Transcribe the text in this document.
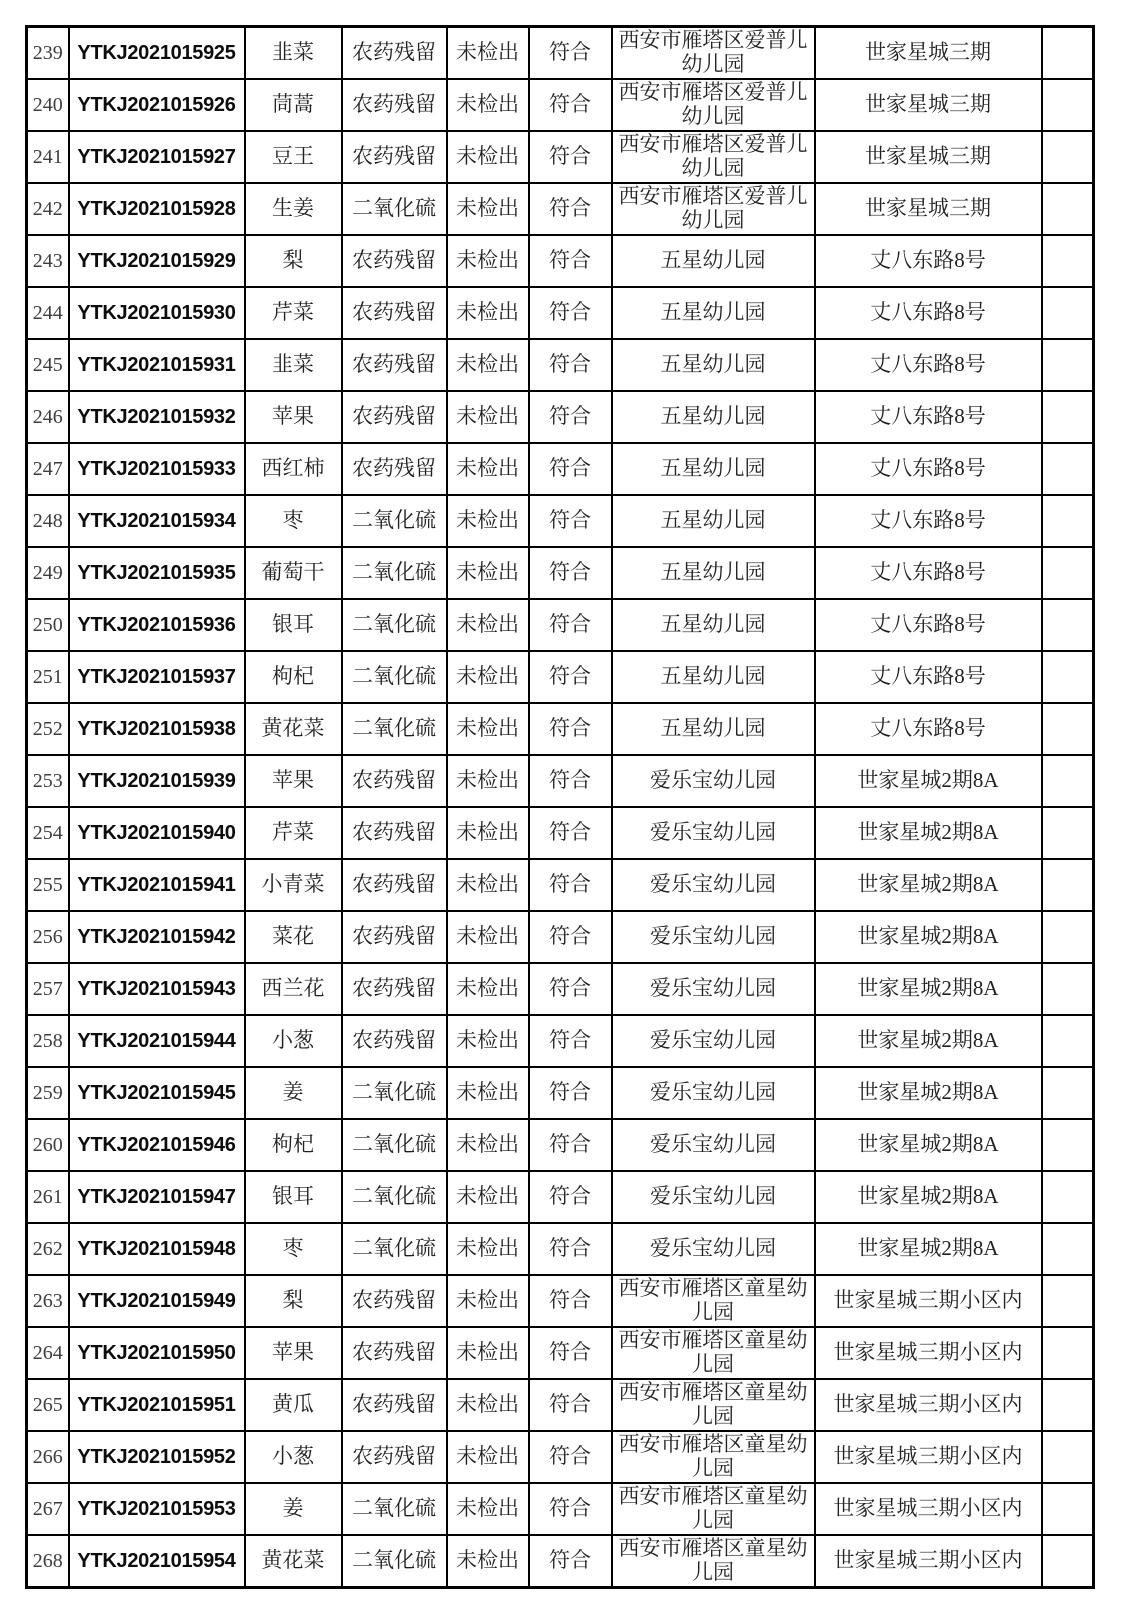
239	YTKJ2021015925	韭菜	农药残留	未检出	符合	西安市雁塔区爱普儿幼儿园	世家星城三期	
240	YTKJ2021015926	茼蒿	农药残留	未检出	符合	西安市雁塔区爱普儿幼儿园	世家星城三期	
241	YTKJ2021015927	豆王	农药残留	未检出	符合	西安市雁塔区爱普儿幼儿园	世家星城三期	
242	YTKJ2021015928	生姜	二氧化硫	未检出	符合	西安市雁塔区爱普儿幼儿园	世家星城三期	
243	YTKJ2021015929	梨	农药残留	未检出	符合	五星幼儿园	丈八东路8号	
244	YTKJ2021015930	芹菜	农药残留	未检出	符合	五星幼儿园	丈八东路8号	
245	YTKJ2021015931	韭菜	农药残留	未检出	符合	五星幼儿园	丈八东路8号	
246	YTKJ2021015932	苹果	农药残留	未检出	符合	五星幼儿园	丈八东路8号	
247	YTKJ2021015933	西红柿	农药残留	未检出	符合	五星幼儿园	丈八东路8号	
248	YTKJ2021015934	枣	二氧化硫	未检出	符合	五星幼儿园	丈八东路8号	
249	YTKJ2021015935	葡萄干	二氧化硫	未检出	符合	五星幼儿园	丈八东路8号	
250	YTKJ2021015936	银耳	二氧化硫	未检出	符合	五星幼儿园	丈八东路8号	
251	YTKJ2021015937	枸杞	二氧化硫	未检出	符合	五星幼儿园	丈八东路8号	
252	YTKJ2021015938	黄花菜	二氧化硫	未检出	符合	五星幼儿园	丈八东路8号	
253	YTKJ2021015939	苹果	农药残留	未检出	符合	爱乐宝幼儿园	世家星城2期8A	
254	YTKJ2021015940	芹菜	农药残留	未检出	符合	爱乐宝幼儿园	世家星城2期8A	
255	YTKJ2021015941	小青菜	农药残留	未检出	符合	爱乐宝幼儿园	世家星城2期8A	
256	YTKJ2021015942	菜花	农药残留	未检出	符合	爱乐宝幼儿园	世家星城2期8A	
257	YTKJ2021015943	西兰花	农药残留	未检出	符合	爱乐宝幼儿园	世家星城2期8A	
258	YTKJ2021015944	小葱	农药残留	未检出	符合	爱乐宝幼儿园	世家星城2期8A	
259	YTKJ2021015945	姜	二氧化硫	未检出	符合	爱乐宝幼儿园	世家星城2期8A	
260	YTKJ2021015946	枸杞	二氧化硫	未检出	符合	爱乐宝幼儿园	世家星城2期8A	
261	YTKJ2021015947	银耳	二氧化硫	未检出	符合	爱乐宝幼儿园	世家星城2期8A	
262	YTKJ2021015948	枣	二氧化硫	未检出	符合	爱乐宝幼儿园	世家星城2期8A	
263	YTKJ2021015949	梨	农药残留	未检出	符合	西安市雁塔区童星幼儿园	世家星城三期小区内	
264	YTKJ2021015950	苹果	农药残留	未检出	符合	西安市雁塔区童星幼儿园	世家星城三期小区内	
265	YTKJ2021015951	黄瓜	农药残留	未检出	符合	西安市雁塔区童星幼儿园	世家星城三期小区内	
266	YTKJ2021015952	小葱	农药残留	未检出	符合	西安市雁塔区童星幼儿园	世家星城三期小区内	
267	YTKJ2021015953	姜	二氧化硫	未检出	符合	西安市雁塔区童星幼儿园	世家星城三期小区内	
268	YTKJ2021015954	黄花菜	二氧化硫	未检出	符合	西安市雁塔区童星幼儿园	世家星城三期小区内	
